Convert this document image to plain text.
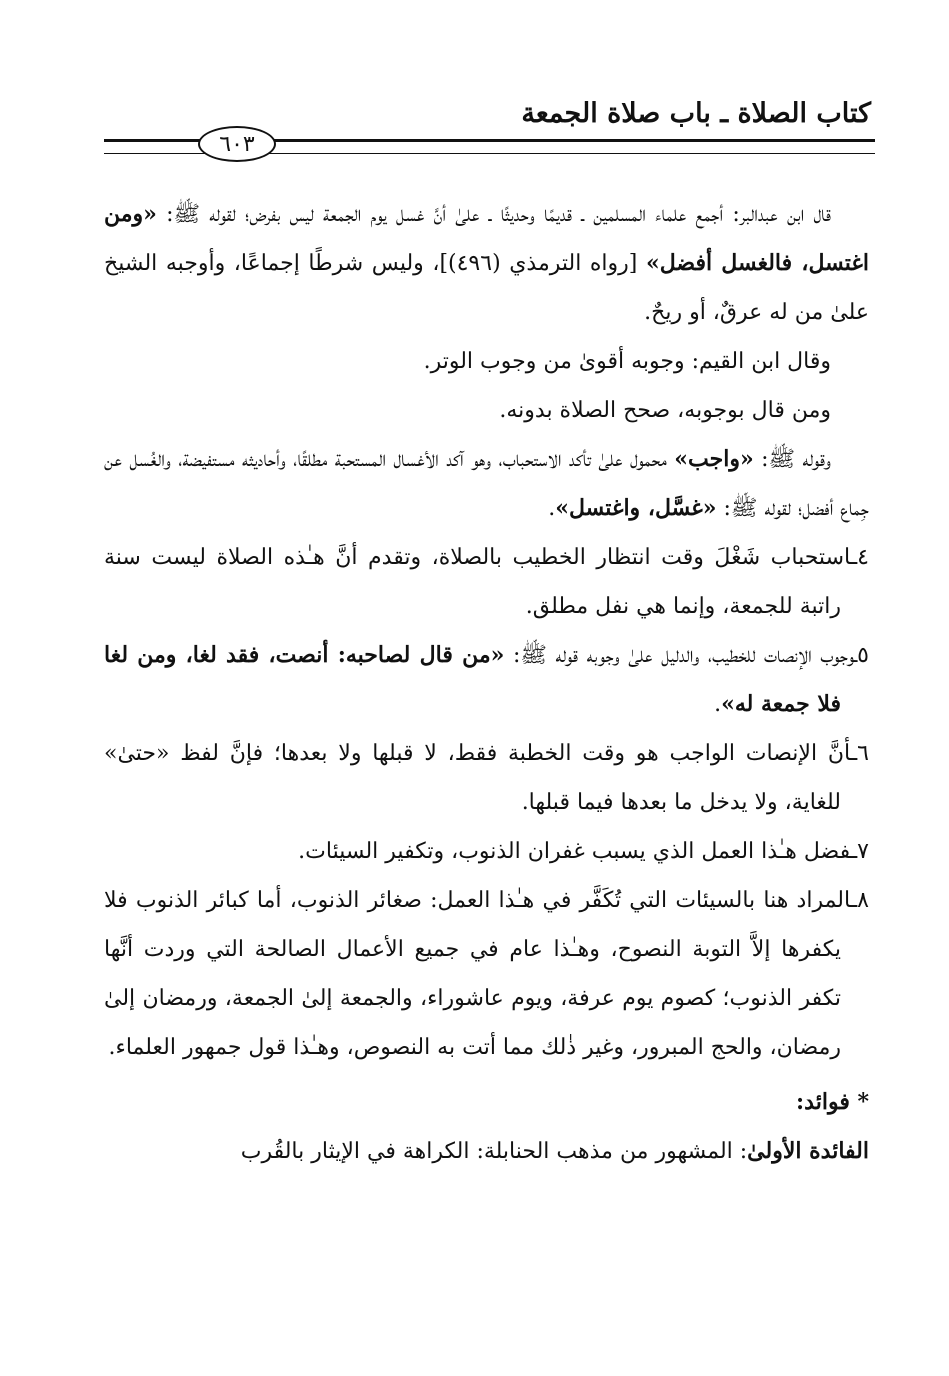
كتاب الصلاة ـ باب صلاة الجمعة
٦٠٣

قال ابن عبدالبر: أجمع علماء المسلمين ـ قديمًا وحديثًا ـ علىٰ أنَّ غسل يوم الجمعة ليس بفرض؛ لقوله ﷺ: «ومن اغتسل، فالغسل أفضل» [رواه الترمذي (٤٩٦)]، وليس شرطًا إجماعًا، وأوجبه الشيخ علىٰ من له عرقٌ، أو ريحٌ.

وقال ابن القيم: وجوبه أقوىٰ من وجوب الوتر.

ومن قال بوجوبه، صحح الصلاة بدونه.

وقوله ﷺ: «واجب» محمول علىٰ تأكد الاستحباب، وهو آكد الأغسال المستحبة مطلقًا، وأحاديثه مستفيضة، والغُسل عن جِماع أفضل؛ لقوله ﷺ: «غسَّل، واغتسل».

٤ـاستحباب شَغْلَ وقت انتظار الخطيب بالصلاة، وتقدم أنَّ هـٰذه الصلاة ليست سنة راتبة للجمعة، وإنما هي نفل مطلق.

٥ـوجوب الإنصات للخطيب، والدليل علىٰ وجوبه قوله ﷺ: «من قال لصاحبه: أنصت، فقد لغا، ومن لغا فلا جمعة له».

٦ـأنَّ الإنصات الواجب هو وقت الخطبة فقط، لا قبلها ولا بعدها؛ فإنَّ لفظ «حتىٰ» للغاية، ولا يدخل ما بعدها فيما قبلها.

٧ـفضل هـٰذا العمل الذي يسبب غفران الذنوب، وتكفير السيئات.

٨ـالمراد هنا بالسيئات التي تُكَفَّر في هـٰذا العمل: صغائر الذنوب، أما كبائر الذنوب فلا يكفرها إلاَّ التوبة النصوح، وهـٰذا عام في جميع الأعمال الصالحة التي وردت أنَّها تكفر الذنوب؛ كصوم يوم عرفة، ويوم عاشوراء، والجمعة إلىٰ الجمعة، ورمضان إلىٰ رمضان، والحج المبرور، وغير ذٰلك مما أتت به النصوص، وهـٰذا قول جمهور العلماء.

* فوائد:

الفائدة الأولىٰ: المشهور من مذهب الحنابلة: الكراهة في الإيثار بالقُرب
